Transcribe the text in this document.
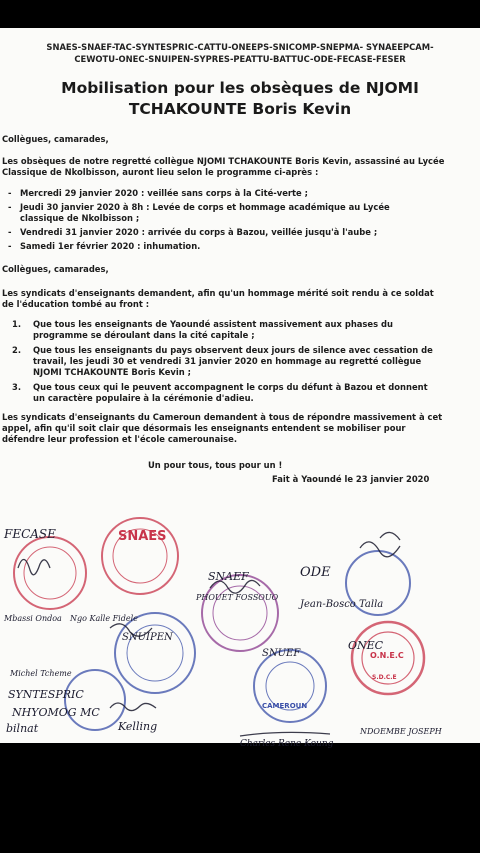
SNAES-SNAEF-TAC-SYNTESPRIC-CATTU-ONEEPS-SNICOMP-SNEPMA- SYNAEEPCAM-
CEWOTU-ONEC-SNUIPEN-SYPRES-PEATTU-BATTUC-ODE-FECASE-FESER
Mobilisation pour les obsèques de NJOMI
TCHAKOUNTE Boris Kevin
Collègues, camarades,
Les obsèques de notre regretté collègue NJOMI TCHAKOUNTE Boris Kevin, assassiné au Lycée
Classique de Nkolbisson, auront lieu selon le programme ci-après :
- Mercredi 29 janvier 2020 : veillée sans corps à la Cité-verte ;
- Jeudi 30 janvier 2020 à 8h : Levée de corps et hommage académique au Lycée
classique de Nkolbisson ;
- Vendredi 31 janvier 2020 : arrivée du corps à Bazou, veillée jusqu'à l'aube ;
- Samedi 1er février 2020 : inhumation.
Collègues, camarades,
Les syndicats d'enseignants demandent, afin qu'un hommage mérité soit rendu à ce soldat
de l'éducation tombé au front :
1. Que tous les enseignants de Yaoundé assistent massivement aux phases du
programme se déroulant dans la cité capitale ;
2. Que tous les enseignants du pays observent deux jours de silence avec cessation de
travail, les jeudi 30 et vendredi 31 janvier 2020 en hommage au regretté collègue
NJOMI TCHAKOUNTE Boris Kevin ;
3. Que tous ceux qui le peuvent accompagnent le corps du défunt à Bazou et donnent
un caractère populaire à la cérémonie d'adieu.
Les syndicats d'enseignants du Cameroun demandent à tous de répondre massivement à cet
appel, afin qu'il soit clair que désormais les enseignants entendent se mobiliser pour
défendre leur profession et l'école camerounaise.
Un pour tous, tous pour un !
Fait à Yaoundé le 23 janvier 2020
SNAES
O.N.E.C
S.D.C.E
CAMEROUN
FECASE
SNAEF
PHOUET FOSSOUO
ODE
Jean-Bosco Talla
Mbassi Ondoa Ngo Kalle Fidele
SNUIPEN
SNUEF
ONEC
Michel Tcheme
SYNTESPRIC
NHYOMOG MC
bilnat	Kelling	NDOEMBE JOSEPH
Charles Rene Koung
